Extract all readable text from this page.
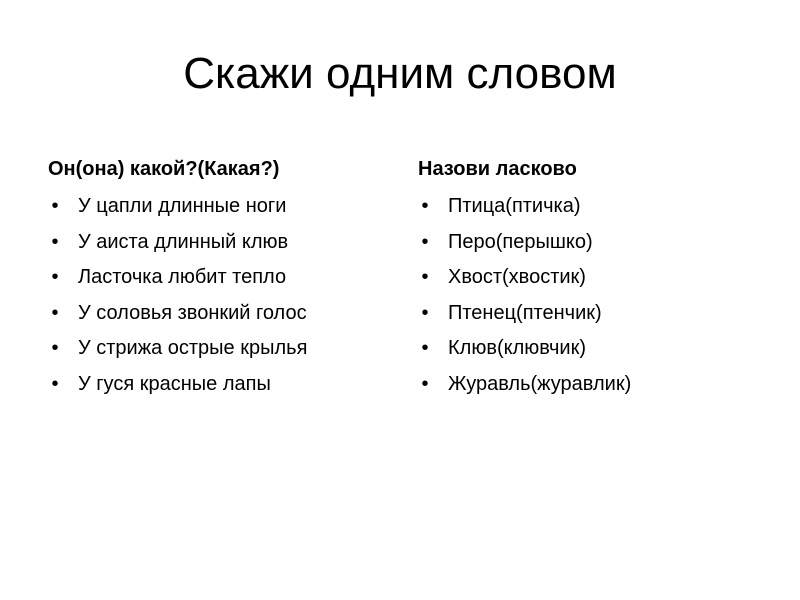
Скажи одним словом
Он(она) какой?(Какая?)
• У цапли длинные ноги
• У аиста длинный клюв
• Ласточка любит тепло
• У соловья звонкий голос
• У стрижа острые крылья
• У гуся красные лапы
Назови ласково
• Птица(птичка)
• Перо(перышко)
• Хвост(хвостик)
• Птенец(птенчик)
• Клюв(клювчик)
• Журавль(журавлик)
